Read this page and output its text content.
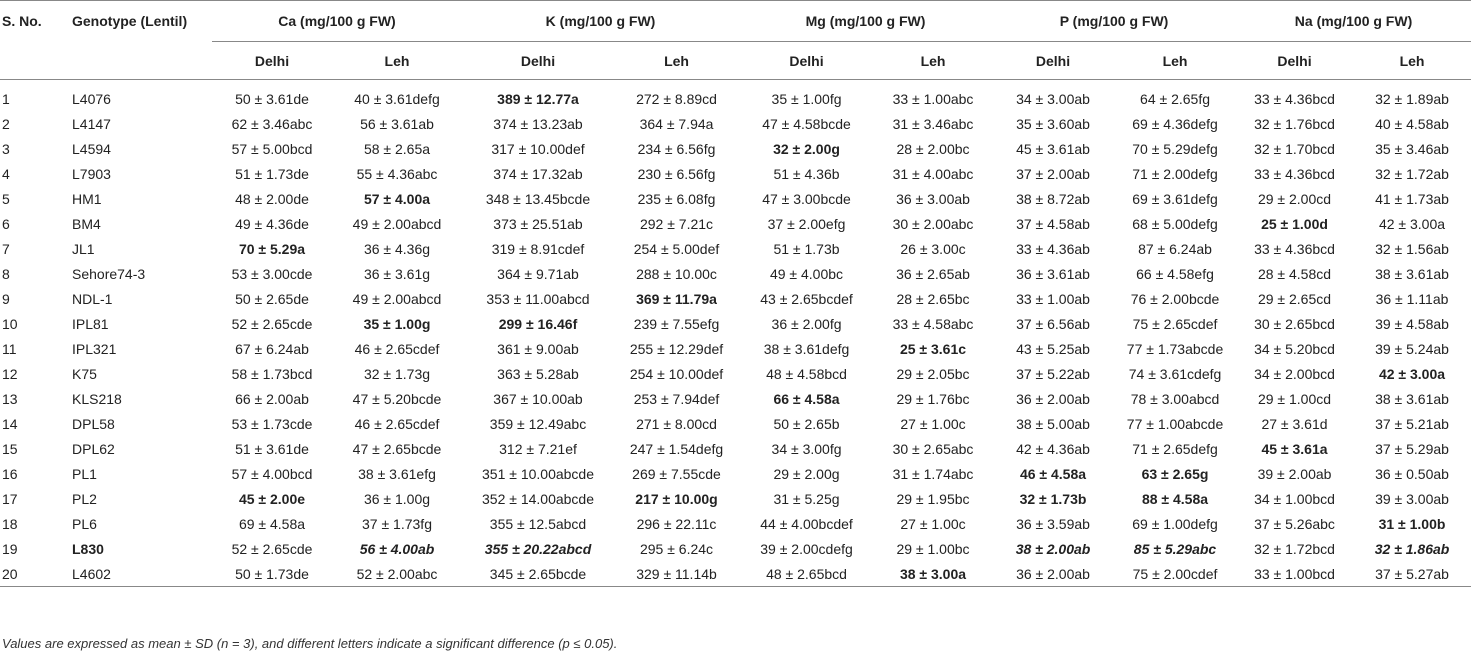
S. No.	Genotype (Lentil)	Ca (mg/100 g FW)		K (mg/100 g FW)		Mg (mg/100 g FW)		P (mg/100 g FW)		Na (mg/100 g FW)	
		Delhi	Leh	Delhi	Leh	Delhi	Leh	Delhi	Leh	Delhi	Leh

1	L4076	50 ± 3.61de	40 ± 3.61defg	389 ± 12.77a	272 ± 8.89cd	35 ± 1.00fg	33 ± 1.00abc	34 ± 3.00ab	64 ± 2.65fg	33 ± 4.36bcd	32 ± 1.89ab
2	L4147	62 ± 3.46abc	56 ± 3.61ab	374 ± 13.23ab	364 ± 7.94a	47 ± 4.58bcde	31 ± 3.46abc	35 ± 3.60ab	69 ± 4.36defg	32 ± 1.76bcd	40 ± 4.58ab
3	L4594	57 ± 5.00bcd	58 ± 2.65a	317 ± 10.00def	234 ± 6.56fg	32 ± 2.00g	28 ± 2.00bc	45 ± 3.61ab	70 ± 5.29defg	32 ± 1.70bcd	35 ± 3.46ab
4	L7903	51 ± 1.73de	55 ± 4.36abc	374 ± 17.32ab	230 ± 6.56fg	51 ± 4.36b	31 ± 4.00abc	37 ± 2.00ab	71 ± 2.00defg	33 ± 4.36bcd	32 ± 1.72ab
5	HM1	48 ± 2.00de	57 ± 4.00a	348 ± 13.45bcde	235 ± 6.08fg	47 ± 3.00bcde	36 ± 3.00ab	38 ± 8.72ab	69 ± 3.61defg	29 ± 2.00cd	41 ± 1.73ab
6	BM4	49 ± 4.36de	49 ± 2.00abcd	373 ± 25.51ab	292 ± 7.21c	37 ± 2.00efg	30 ± 2.00abc	37 ± 4.58ab	68 ± 5.00defg	25 ± 1.00d	42 ± 3.00a
7	JL1	70 ± 5.29a	36 ± 4.36g	319 ± 8.91cdef	254 ± 5.00def	51 ± 1.73b	26 ± 3.00c	33 ± 4.36ab	87 ± 6.24ab	33 ± 4.36bcd	32 ± 1.56ab
8	Sehore74-3	53 ± 3.00cde	36 ± 3.61g	364 ± 9.71ab	288 ± 10.00c	49 ± 4.00bc	36 ± 2.65ab	36 ± 3.61ab	66 ± 4.58efg	28 ± 4.58cd	38 ± 3.61ab
9	NDL-1	50 ± 2.65de	49 ± 2.00abcd	353 ± 11.00abcd	369 ± 11.79a	43 ± 2.65bcdef	28 ± 2.65bc	33 ± 1.00ab	76 ± 2.00bcde	29 ± 2.65cd	36 ± 1.11ab
10	IPL81	52 ± 2.65cde	35 ± 1.00g	299 ± 16.46f	239 ± 7.55efg	36 ± 2.00fg	33 ± 4.58abc	37 ± 6.56ab	75 ± 2.65cdef	30 ± 2.65bcd	39 ± 4.58ab
11	IPL321	67 ± 6.24ab	46 ± 2.65cdef	361 ± 9.00ab	255 ± 12.29def	38 ± 3.61defg	25 ± 3.61c	43 ± 5.25ab	77 ± 1.73abcde	34 ± 5.20bcd	39 ± 5.24ab
12	K75	58 ± 1.73bcd	32 ± 1.73g	363 ± 5.28ab	254 ± 10.00def	48 ± 4.58bcd	29 ± 2.05bc	37 ± 5.22ab	74 ± 3.61cdefg	34 ± 2.00bcd	42 ± 3.00a
13	KLS218	66 ± 2.00ab	47 ± 5.20bcde	367 ± 10.00ab	253 ± 7.94def	66 ± 4.58a	29 ± 1.76bc	36 ± 2.00ab	78 ± 3.00abcd	29 ± 1.00cd	38 ± 3.61ab
14	DPL58	53 ± 1.73cde	46 ± 2.65cdef	359 ± 12.49abc	271 ± 8.00cd	50 ± 2.65b	27 ± 1.00c	38 ± 5.00ab	77 ± 1.00abcde	27 ± 3.61d	37 ± 5.21ab
15	DPL62	51 ± 3.61de	47 ± 2.65bcde	312 ± 7.21ef	247 ± 1.54defg	34 ± 3.00fg	30 ± 2.65abc	42 ± 4.36ab	71 ± 2.65defg	45 ± 3.61a	37 ± 5.29ab
16	PL1	57 ± 4.00bcd	38 ± 3.61efg	351 ± 10.00abcde	269 ± 7.55cde	29 ± 2.00g	31 ± 1.74abc	46 ± 4.58a	63 ± 2.65g	39 ± 2.00ab	36 ± 0.50ab
17	PL2	45 ± 2.00e	36 ± 1.00g	352 ± 14.00abcde	217 ± 10.00g	31 ± 5.25g	29 ± 1.95bc	32 ± 1.73b	88 ± 4.58a	34 ± 1.00bcd	39 ± 3.00ab
18	PL6	69 ± 4.58a	37 ± 1.73fg	355 ± 12.5abcd	296 ± 22.11c	44 ± 4.00bcdef	27 ± 1.00c	36 ± 3.59ab	69 ± 1.00defg	37 ± 5.26abc	31 ± 1.00b
19	L830	52 ± 2.65cde	56 ± 4.00ab	355 ± 20.22abcd	295 ± 6.24c	39 ± 2.00cdefg	29 ± 1.00bc	38 ± 2.00ab	85 ± 5.29abc	32 ± 1.72bcd	32 ± 1.86ab
20	L4602	50 ± 1.73de	52 ± 2.00abc	345 ± 2.65bcde	329 ± 11.14b	48 ± 2.65bcd	38 ± 3.00a	36 ± 2.00ab	75 ± 2.00cdef	33 ± 1.00bcd	37 ± 5.27ab
Values are expressed as mean ± SD (n = 3), and different letters indicate a significant difference (p ≤ 0.05).
